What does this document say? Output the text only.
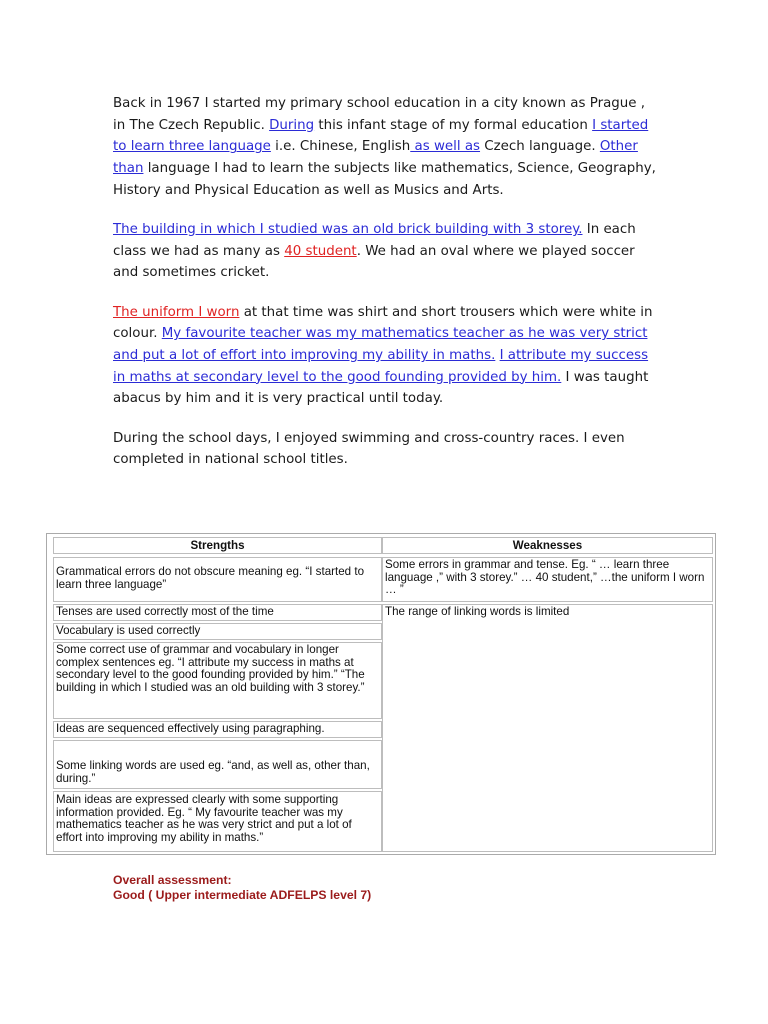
Back in 1967 I started my primary school education in a city known as Prague , in The Czech Republic. During this infant stage of my formal education I started to learn three language i.e. Chinese, English as well as Czech language. Other than language I had to learn the subjects like mathematics, Science, Geography, History and Physical Education as well as Musics and Arts.

The building in which I studied was an old brick building with 3 storey. In each class we had as many as 40 student. We had an oval where we played soccer and sometimes cricket.

The uniform I worn at that time was shirt and short trousers which were white in colour. My favourite teacher was my mathematics teacher as he was very strict and put a lot of effort into improving my ability in maths. I attribute my success in maths at secondary level to the good founding provided by him. I was taught abacus by him and it is very practical until today.

During the school days, I enjoyed swimming and cross-country races. I even completed in national school titles.

Strengths	Weaknesses
Grammatical errors do not obscure meaning eg. “I started to learn three language”
Tenses are used correctly most of the time
Vocabulary is used correctly
Some correct use of grammar and vocabulary in longer complex sentences eg. “I attribute my success in maths at secondary level to the good founding provided by him.” “The building in which I studied was an old building with 3 storey.”
Ideas are sequenced effectively using paragraphing.
Some linking words are used eg. “and, as well as, other than, during.”
Main ideas are expressed clearly with some supporting information provided. Eg. “ My favourite teacher was my mathematics teacher as he was very strict and put a lot of effort into improving my ability in maths.”
Some errors in grammar and tense. Eg. “ … learn three language ,” with 3 storey.” … 40 student,” …the uniform I worn … ”
The range of linking words is limited
Overall assessment:
Good ( Upper intermediate ADFELPS level 7)
